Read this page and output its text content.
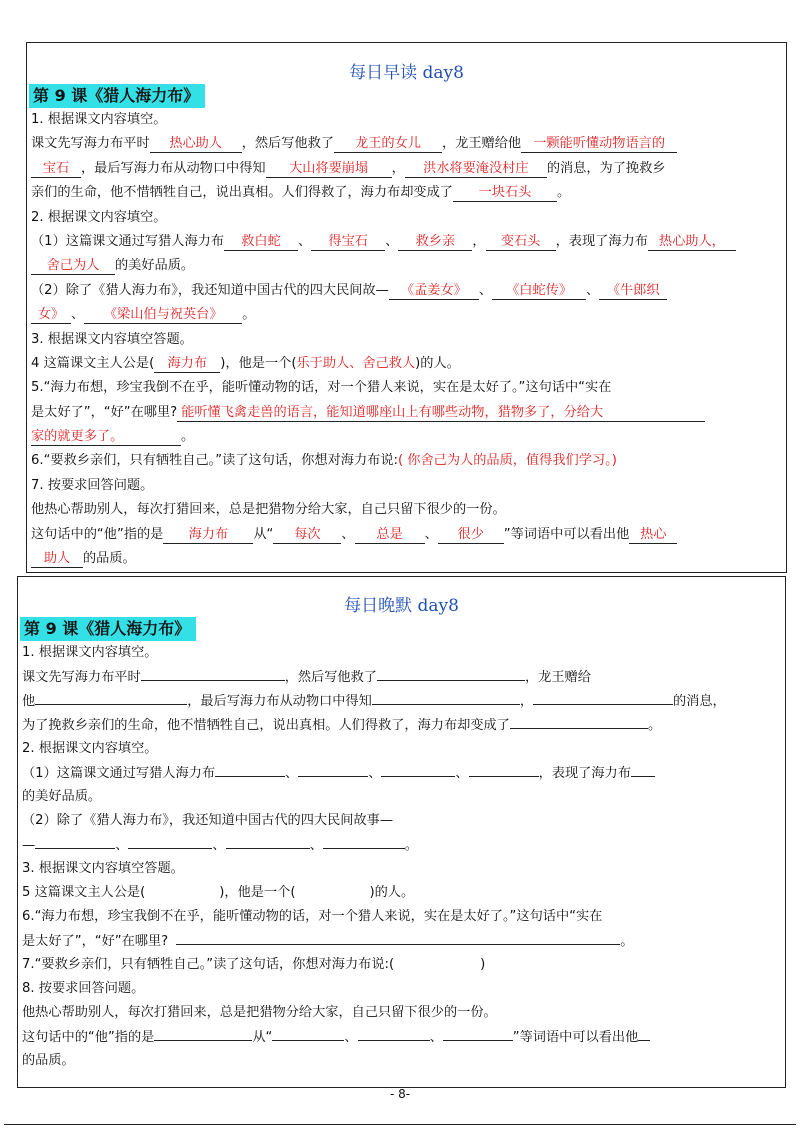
每日早读 day8
第 9 课《猎人海力布》
1. 根据课文内容填空。
课文先写海力布平时 热心助人 ，然后写他救了 龙王的女儿 ，龙王赠给他 一颗能听懂动物语言的
宝石 ，最后写海力布从动物口中得知 大山将要崩塌 ， 洪水将要淹没村庄 的消息，为了挽救乡
亲们的生命，他不惜牺牲自己，说出真相。人们得救了，海力布却变成了 一块石头 。
2. 根据课文内容填空。
（1）这篇课文通过写猎人海力布 救白蛇 、 得宝石 、 救乡亲 ， 变石头 ，表现了海力布 热心助人，
舍己为人 的美好品质。
（2）除了《猎人海力布》，我还知道中国古代的四大民间故— 《孟姜女》 、 《白蛇传》 、 《牛郎织
女》 、 《梁山伯与祝英台》 。
3. 根据课文内容填空答题。
4 这篇课文主人公是( 海力布 )，他是一个(乐于助人、舍己救人)的人。
5.“海力布想，珍宝我倒不在乎，能听懂动物的话，对一个猎人来说，实在是太好了。”这句话中“实在
是太好了”，“好”在哪里? 能听懂飞禽走兽的语言，能知道哪座山上有哪些动物，猎物多了，分给大
家的就更多了。	。
6.“要救乡亲们，只有牺牲自己。”读了这句话，你想对海力布说:( 你舍己为人的品质，值得我们学习。)
7. 按要求回答问题。
他热心帮助别人，每次打猎回来，总是把猎物分给大家，自己只留下很少的一份。
这句话中的“他”指的是 海力布 从“ 每次 、 总是 、 很少 ”等词语中可以看出他 热心
助人 的品质。
每日晚默 day8
第 9 课《猎人海力布》
1. 根据课文内容填空。
课文先写海力布平时	，然后写他救了	，龙王赠给
他	，最后写海力布从动物口中得知	，	的消息，
为了挽救乡亲们的生命，他不惜牺牲自己，说出真相。人们得救了，海力布却变成了	。
2. 根据课文内容填空。
（1）这篇课文通过写猎人海力布	、	、	、	，表现了海力布
的美好品质。
（2）除了《猎人海力布》，我还知道中国古代的四大民间故事—
—	、	、	、	。
3. 根据课文内容填空答题。
5 这篇课文主人公是(	)，他是一个(	)的人。
6.“海力布想，珍宝我倒不在乎，能听懂动物的话，对一个猎人来说，实在是太好了。”这句话中“实在
是太好了”，“好”在哪里?	。
7.“要救乡亲们，只有牺牲自己。”读了这句话，你想对海力布说:(	)
8. 按要求回答问题。
他热心帮助别人，每次打猎回来，总是把猎物分给大家，自己只留下很少的一份。
这句话中的“他”指的是	从“	、	、	”等词语中可以看出他
的品质。
- 8-
